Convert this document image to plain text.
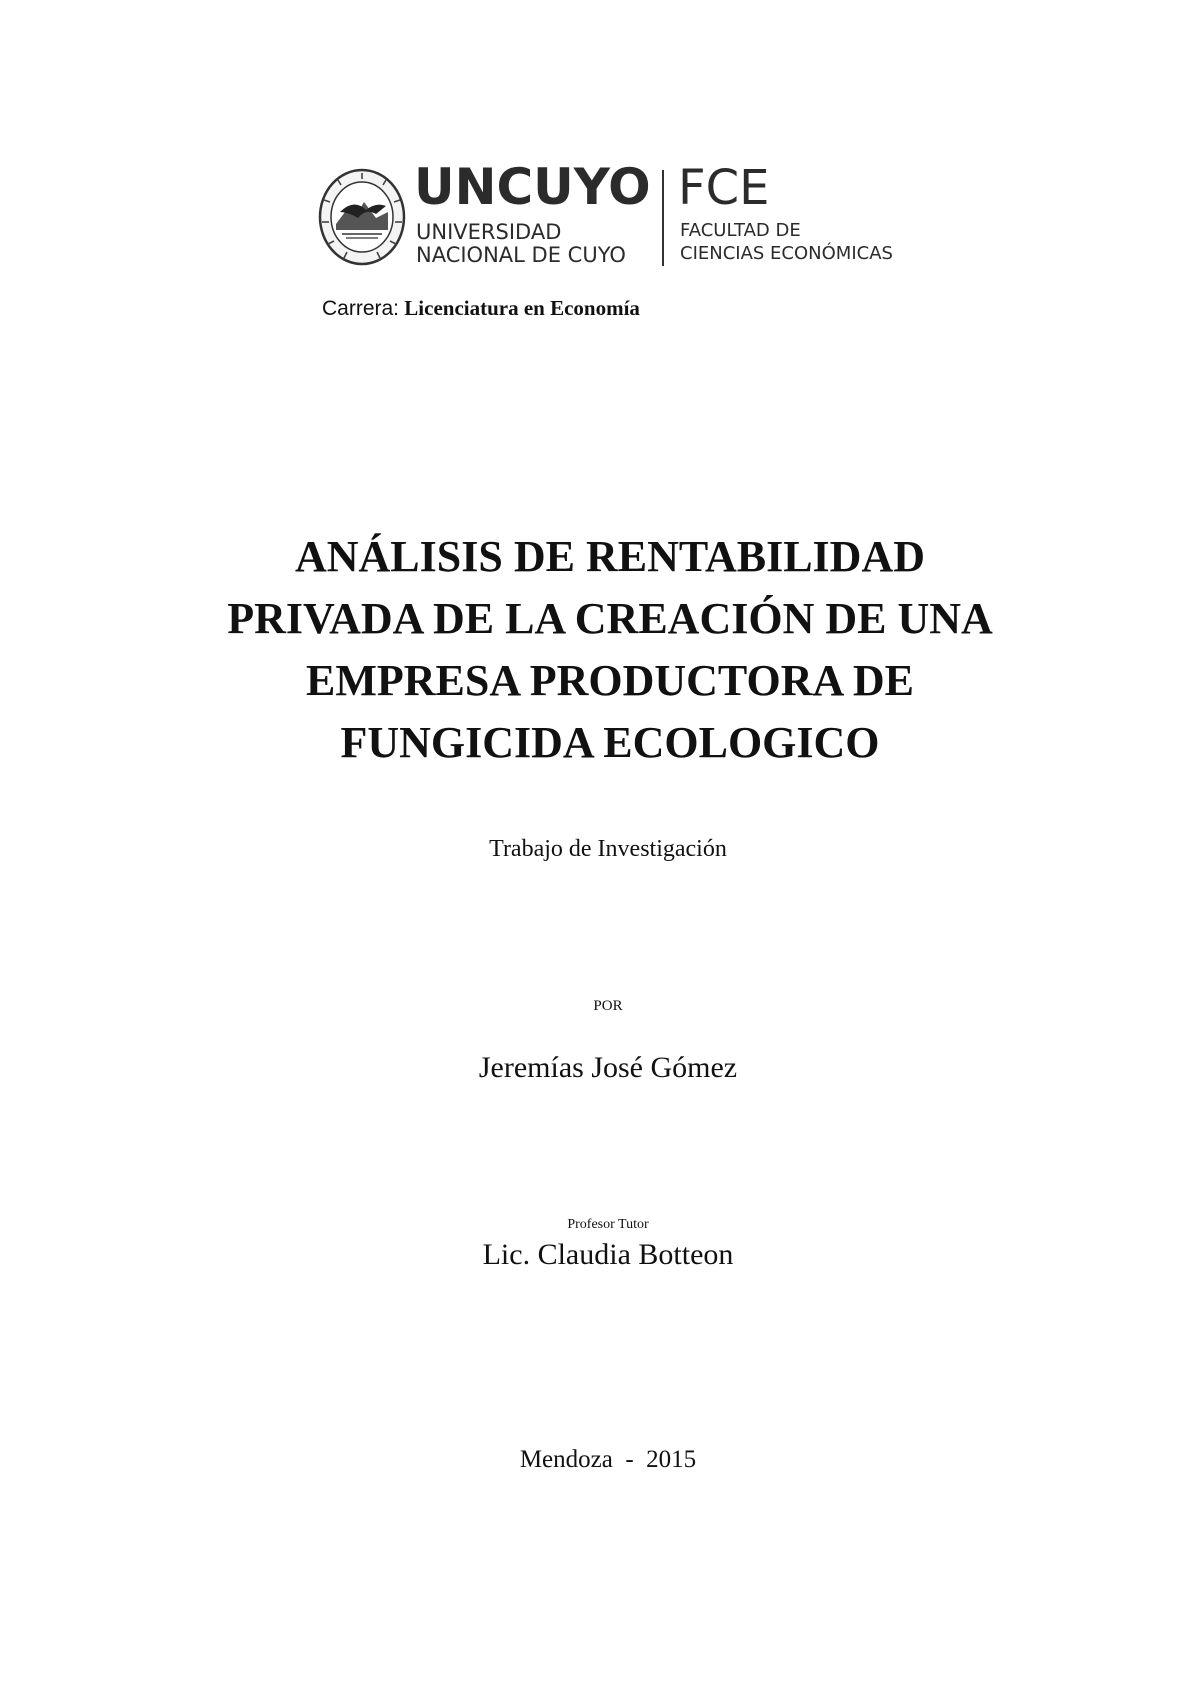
UNCUYO
UNIVERSIDAD
NACIONAL DE CUYO
FCE
FACULTAD DE
CIENCIAS ECONÓMICAS
Carrera: Licenciatura en Economía
ANÁLISIS DE RENTABILIDAD
PRIVADA DE LA CREACIÓN DE UNA
EMPRESA PRODUCTORA DE
FUNGICIDA ECOLOGICO
Trabajo de Investigación
POR
Jeremías José Gómez
Profesor Tutor
Lic. Claudia Botteon
Mendoza  -  2015
